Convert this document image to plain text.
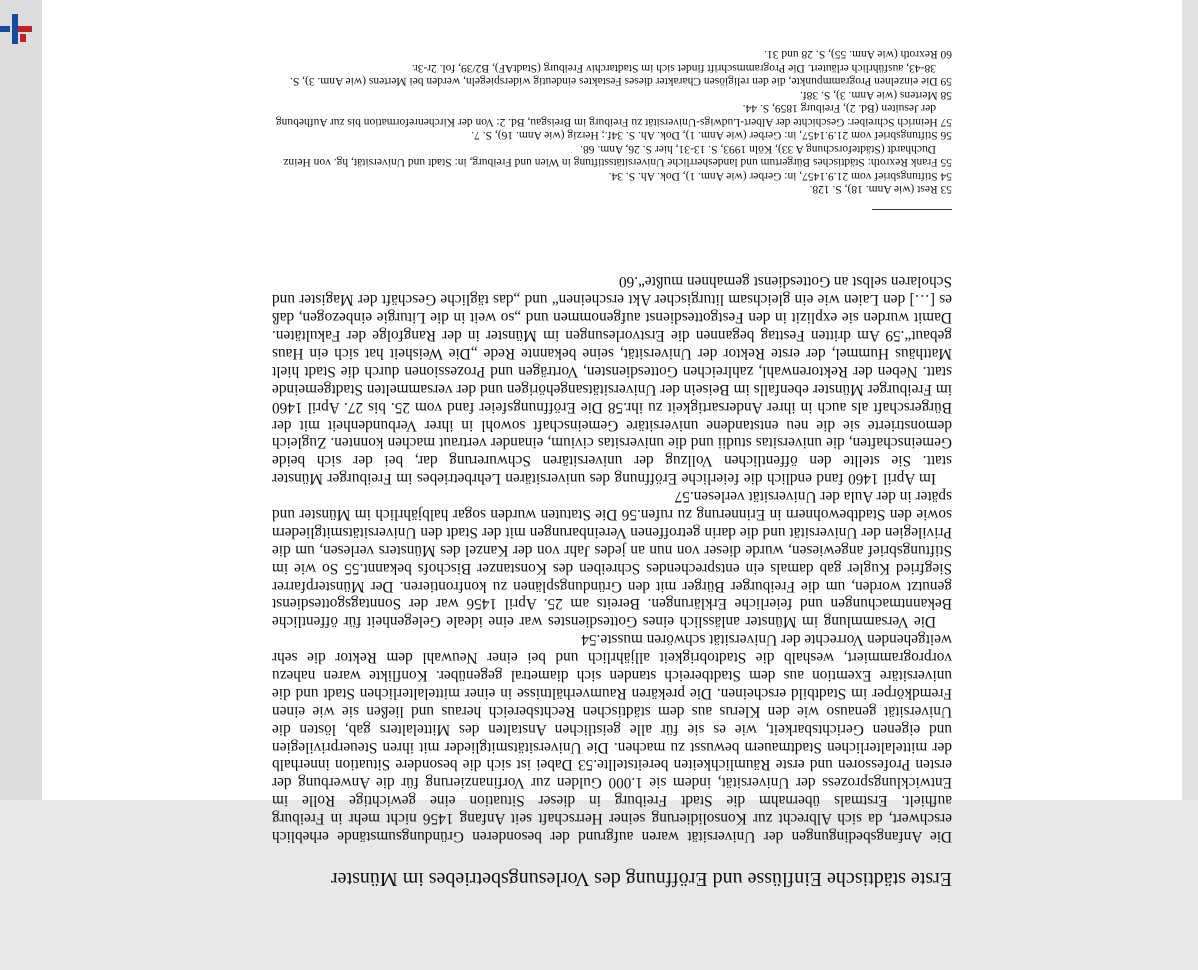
Erste städtische Einflüsse und Eröffnung des Vorlesungsbetriebes im Münster

Die Anfangsbedingungen der Universität waren aufgrund der besonderen Gründungsumstände erheblich erschwert, da sich Albrecht zur Konsolidierung seiner Herrschaft seit Anfang 1456 nicht mehr in Freiburg aufhielt. Erstmals übernahm die Stadt Freiburg in dieser Situation eine gewichtige Rolle im Entwicklungsprozess der Universität, indem sie 1.000 Gulden zur Vorfinanzierung für die Anwerbung der ersten Professoren und erste Räumlichkeiten bereitstellte.53 Dabei ist sich die besondere Situation innerhalb der mittelalterlichen Stadtmauern bewusst zu machen. Die Universitätsmitglieder mit ihren Steuerprivilegien und eigenen Gerichtsbarkeit, wie es sie für alle geistlichen Anstalten des Mittelalters gab, lösten die Universität genauso wie den Klerus aus dem städtischen Rechtsbereich heraus und ließen sie wie einen Fremdkörper im Stadtbild erscheinen. Die prekären Raumverhältnisse in einer mittelalterlichen Stadt und die universitäre Exemtion aus dem Stadtbereich standen sich diametral gegenüber. Konflikte waren nahezu vorprogrammiert, weshalb die Stadtobrigkeit alljährlich und bei einer Neuwahl dem Rektor die sehr weitgehenden Vorrechte der Universität schwören musste.54

Die Versammlung im Münster anlässlich eines Gottesdienstes war eine ideale Gelegenheit für öffentliche Bekanntmachungen und feierliche Erklärungen. Bereits am 25. April 1456 war der Sonntagsgottesdienst genutzt worden, um die Freiburger Bürger mit den Gründungsplänen zu konfrontieren. Der Münsterpfarrer Siegfried Kugler gab damals ein entsprechendes Schreiben des Konstanzer Bischofs bekannt.55 So wie im Stiftungsbrief angewiesen, wurde dieser von nun an jedes Jahr von der Kanzel des Münsters verlesen, um die Privilegien der Universität und die darin getroffenen Vereinbarungen mit der Stadt den Universitätsmitgliedern sowie den Stadtbewohnern in Erinnerung zu rufen.56 Die Statuten wurden sogar halbjährlich im Münster und später in der Aula der Universität verlesen.57

Im April 1460 fand endlich die feierliche Eröffnung des universitären Lehrbetriebes im Freiburger Münster statt. Sie stellte den öffentlichen Vollzug der universitären Schwurerung dar, bei der sich beide Gemeinschaften, die universitas studii und die universitas civium, einander vertraut machen konnten. Zugleich demonstrierte sie die neu entstandene universitäre Gemeinschaft sowohl in ihrer Verbundenheit mit der Bürgerschaft als auch in ihrer Andersartigkeit zu ihr.58 Die Eröffnungsfeier fand vom 25. bis 27. April 1460 im Freiburger Münster ebenfalls im Beisein der Universitätsangehörigen und der versammelten Stadtgemeinde statt. Neben der Rektorenwahl, zahlreichen Gottesdiensten, Vorträgen und Prozessionen durch die Stadt hielt Matthäus Hummel, der erste Rektor der Universität, seine bekannte Rede „Die Weisheit hat sich ein Haus gebaut“.59 Am dritten Festtag begannen die Erstvorlesungen im Münster in der Rangfolge der Fakultäten. Damit wurden sie explizit in den Festgottesdienst aufgenommen und „so weit in die Liturgie einbezogen, daß es […] den Laien wie ein gleichsam liturgischer Akt erscheinen“ und „das tägliche Geschäft der Magister und Scholaren selbst an Gottesdienst gemahnen mußte“.60

53 Rest (wie Anm. 18), S. 128.
54 Stiftungsbrief vom 21.9.1457, in: Gerber (wie Anm. 1), Dok. Ah. S. 34.
55 Frank Rexroth: Städtisches Bürgertum und landesherrliche Universitätsstiftung in Wien und Freiburg, in: Stadt und Universität, hg. von Heinz Duchhardt (Städteforschung A 33), Köln 1993, S. 13-31, hier S. 26, Anm. 68.
56 Stiftungsbrief vom 21.9.1457, in: Gerber (wie Anm. 1), Dok. Ah. S. 34f.; Herzig (wie Anm. 16), S. 7.
57 Heinrich Schreiber: Geschichte der Albert-Ludwigs-Universität zu Freiburg im Breisgau, Bd. 2: Von der Kirchenreformation bis zur Aufhebung der Jesuiten (Bd. 2), Freiburg 1859, S. 44.
58 Mertens (wie Anm. 3), S. 38f.
59 Die einzelnen Programmpunkte, die den religiösen Charakter dieses Festaktes eindeutig widerspiegeln, werden bei Mertens (wie Anm. 3), S. 38-43, ausführlich erläutert. Die Programmschrift findet sich im Stadtarchiv Freiburg (StadtAF), B2/39, fol. 2r-3r.
60 Rexroth (wie Anm. 55), S. 28 und 31.
